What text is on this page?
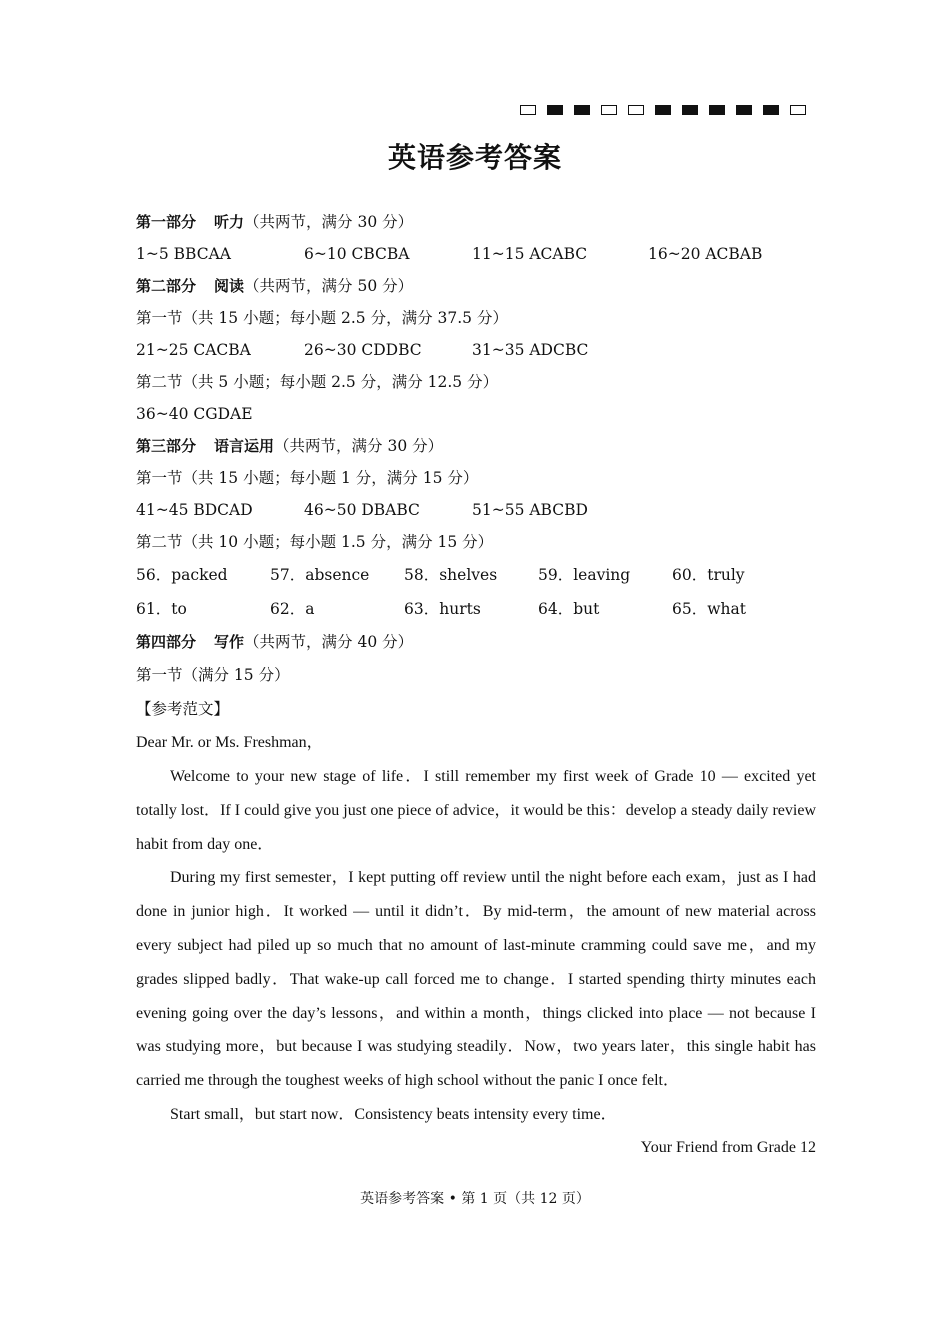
英语参考答案
第一部分 听力（共两节，满分 30 分）
1~5 BBCAA	6~10 CBCBA	11~15 ACABC	16~20 ACBAB
第二部分 阅读（共两节，满分 50 分）
第一节（共 15 小题；每小题 2.5 分，满分 37.5 分）
21~25 CACBA	26~30 CDDBC	31~35 ADCBC
第二节（共 5 小题；每小题 2.5 分，满分 12.5 分）
36~40 CGDAE
第三部分 语言运用（共两节，满分 30 分）
第一节（共 15 小题；每小题 1 分，满分 15 分）
41~45 BDCAD	46~50 DBABC	51~55 ABCBD
第二节（共 10 小题；每小题 1.5 分，满分 15 分）
56．packed	57．absence 58．shelves	59．leaving	60．truly
61．to	62．a	63．hurts	64．but	65．what
第四部分 写作（共两节，满分 40 分）
第一节（满分 15 分）
【参考范文】
Dear Mr. or Ms. Freshman，

Welcome to your new stage of life．I still remember my first week of Grade 10 — excited yet totally lost．If I could give you just one piece of advice，it would be this：develop a steady daily review habit from day one．

During my first semester，I kept putting off review until the night before each exam，just as I had done in junior high．It worked — until it didn’t．By mid-term，the amount of new material across every subject had piled up so much that no amount of last-minute cramming could save me，and my grades slipped badly．That wake-up call forced me to change．I started spending thirty minutes each evening going over the day’s lessons，and within a month，things clicked into place — not because I was studying more，but because I was studying steadily．Now，two years later，this single habit has carried me through the toughest weeks of high school without the panic I once felt．

Start small，but start now．Consistency beats intensity every time．

Your Friend from Grade 12
英语参考答案 • 第 1 页（共 12 页）
